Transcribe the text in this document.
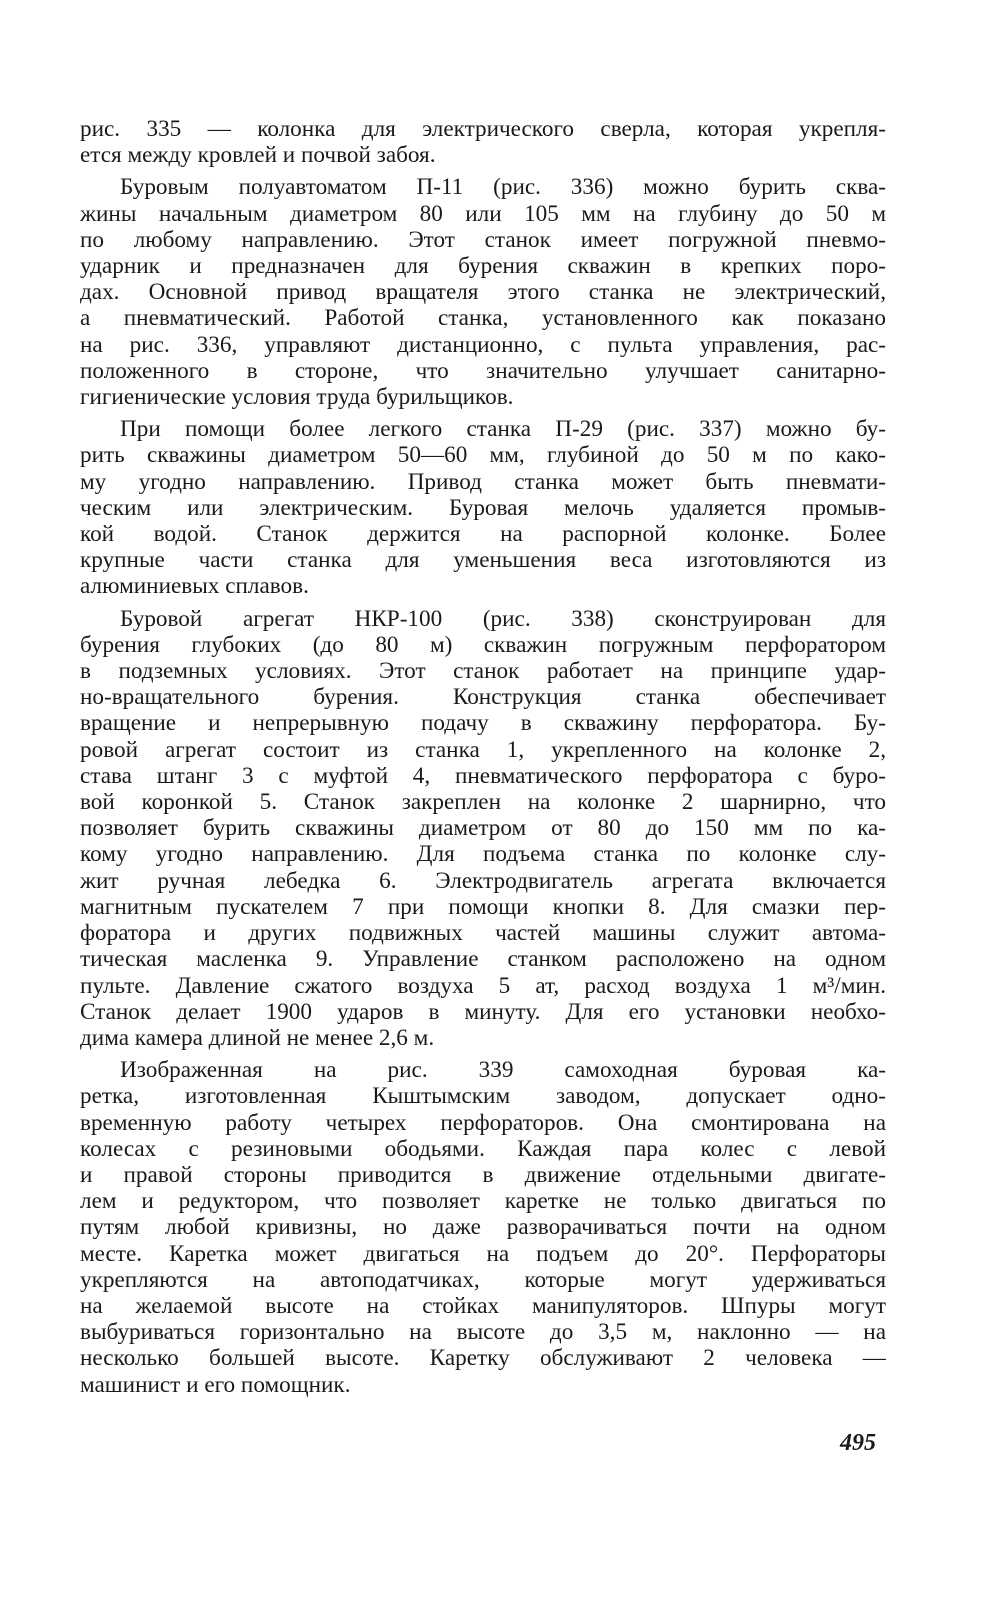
рис. 335 — колонка для электрического сверла, которая укрепля-
ется между кровлей и почвой забоя.
Буровым полуавтоматом П-11 (рис. 336) можно бурить сква-
жины начальным диаметром 80 или 105 мм на глубину до 50 м
по любому направлению. Этот станок имеет погружной пневмо-
ударник и предназначен для бурения скважин в крепких поро-
дах. Основной привод вращателя этого станка не электрический,
а пневматический. Работой станка, установленного как показано
на рис. 336, управляют дистанционно, с пульта управления, рас-
положенного в стороне, что значительно улучшает санитарно-
гигиенические условия труда бурильщиков.
При помощи более легкого станка П-29 (рис. 337) можно бу-
рить скважины диаметром 50—60 мм, глубиной до 50 м по како-
му угодно направлению. Привод станка может быть пневмати-
ческим или электрическим. Буровая мелочь удаляется промыв-
кой водой. Станок держится на распорной колонке. Более
крупные части станка для уменьшения веса изготовляются из
алюминиевых сплавов.
Буровой агрегат НКР-100 (рис. 338) сконструирован для
бурения глубоких (до 80 м) скважин погружным перфоратором
в подземных условиях. Этот станок работает на принципе удар-
но-вращательного бурения. Конструкция станка обеспечивает
вращение и непрерывную подачу в скважину перфоратора. Бу-
ровой агрегат состоит из станка 1, укрепленного на колонке 2,
става штанг 3 с муфтой 4, пневматического перфоратора с буро-
вой коронкой 5. Станок закреплен на колонке 2 шарнирно, что
позволяет бурить скважины диаметром от 80 до 150 мм по ка-
кому угодно направлению. Для подъема станка по колонке слу-
жит ручная лебедка 6. Электродвигатель агрегата включается
магнитным пускателем 7 при помощи кнопки 8. Для смазки пер-
форатора и других подвижных частей машины служит автома-
тическая масленка 9. Управление станком расположено на одном
пульте. Давление сжатого воздуха 5 ат, расход воздуха 1 м³/мин.
Станок делает 1900 ударов в минуту. Для его установки необхо-
дима камера длиной не менее 2,6 м.
Изображенная на рис. 339 самоходная буровая ка-
ретка, изготовленная Кыштымским заводом, допускает одно-
временную работу четырех перфораторов. Она смонтирована на
колесах с резиновыми ободьями. Каждая пара колес с левой
и правой стороны приводится в движение отдельными двигате-
лем и редуктором, что позволяет каретке не только двигаться по
путям любой кривизны, но даже разворачиваться почти на одном
месте. Каретка может двигаться на подъем до 20°. Перфораторы
укрепляются на автоподатчиках, которые могут удерживаться
на желаемой высоте на стойках манипуляторов. Шпуры могут
выбуриваться горизонтально на высоте до 3,5 м, наклонно — на
несколько большей высоте. Каретку обслуживают 2 человека —
машинист и его помощник.
495
